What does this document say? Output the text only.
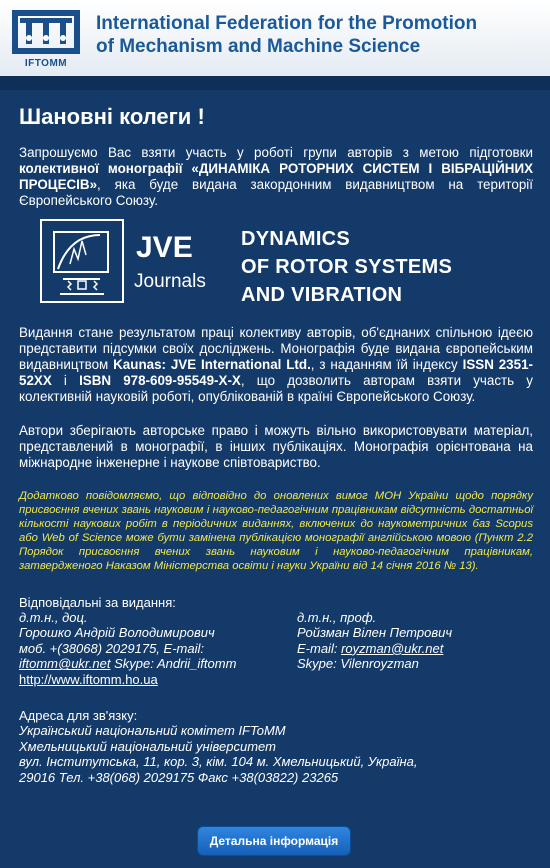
IFTOMM
International Federation for the Promotion
of Mechanism and Machine Science
Шановні колеги !

Запрошуємо Вас взяти участь у роботі групи авторів з метою підготовки колективної монографії «ДИНАМІКА РОТОРНИХ СИСТЕМ І ВІБРАЦІЙНИХ ПРОЦЕСІВ», яка буде видана закордонним видавництвом на території Європейського Союзу.

JVE
Journals
DYNAMICS
OF ROTOR SYSTEMS
AND VIBRATION

Видання стане результатом праці колективу авторів, об'єднаних спільною ідеєю представити підсумки своїх досліджень. Монографія буде видана європейським видавництвом Kaunas: JVE International Ltd., з наданням їй індексу ISSN 2351-52XX і ISBN 978-609-95549-X-X, що дозволить авторам взяти участь у колективній науковій роботі, опублікованій в країні Європейського Союзу.

Автори зберігають авторське право і можуть вільно використовувати матеріал, представлений в монографії, в інших публікаціях. Монографія орієнтована на міжнародне інженерне і наукове співтовариство.

Додатково повідомляємо, що відповідно до оновлених вимог МОН України щодо порядку присвоєння вчених звань науковим і науково-педагогічним працівникам відсутність достатньої кількості наукових робіт в періодичних виданнях, включених до наукометричних баз Scopus або Web of Science може бути замінена публікацією монографії англійською мовою (Пункт 2.2 Порядок присвоєння вчених звань науковим і науково-педагогічним працівникам, затвердженого Наказом Міністерства освіти і науки України від 14 січня 2016 № 13).

Відповідальні за видання:
д.т.н., доц.
Горошко Андрій Володимирович
моб. +(38068) 2029175, E-mail:
iftomm@ukr.net Skype: Andrii_iftomm
http://www.iftomm.ho.ua
д.т.н., проф.
Ройзман Вілен Петрович
E-mail: royzman@ukr.net
Skype: Vilenroyzman
Адреса для зв'язку:
Український національний комітет IFToMM
Хмельницький національний університет
вул. Інститутська, 11, кор. 3, кім. 104 м. Хмельницький, Україна,
29016 Тел. +38(068) 2029175 Факс +38(03822) 23265
Детальна інформація
